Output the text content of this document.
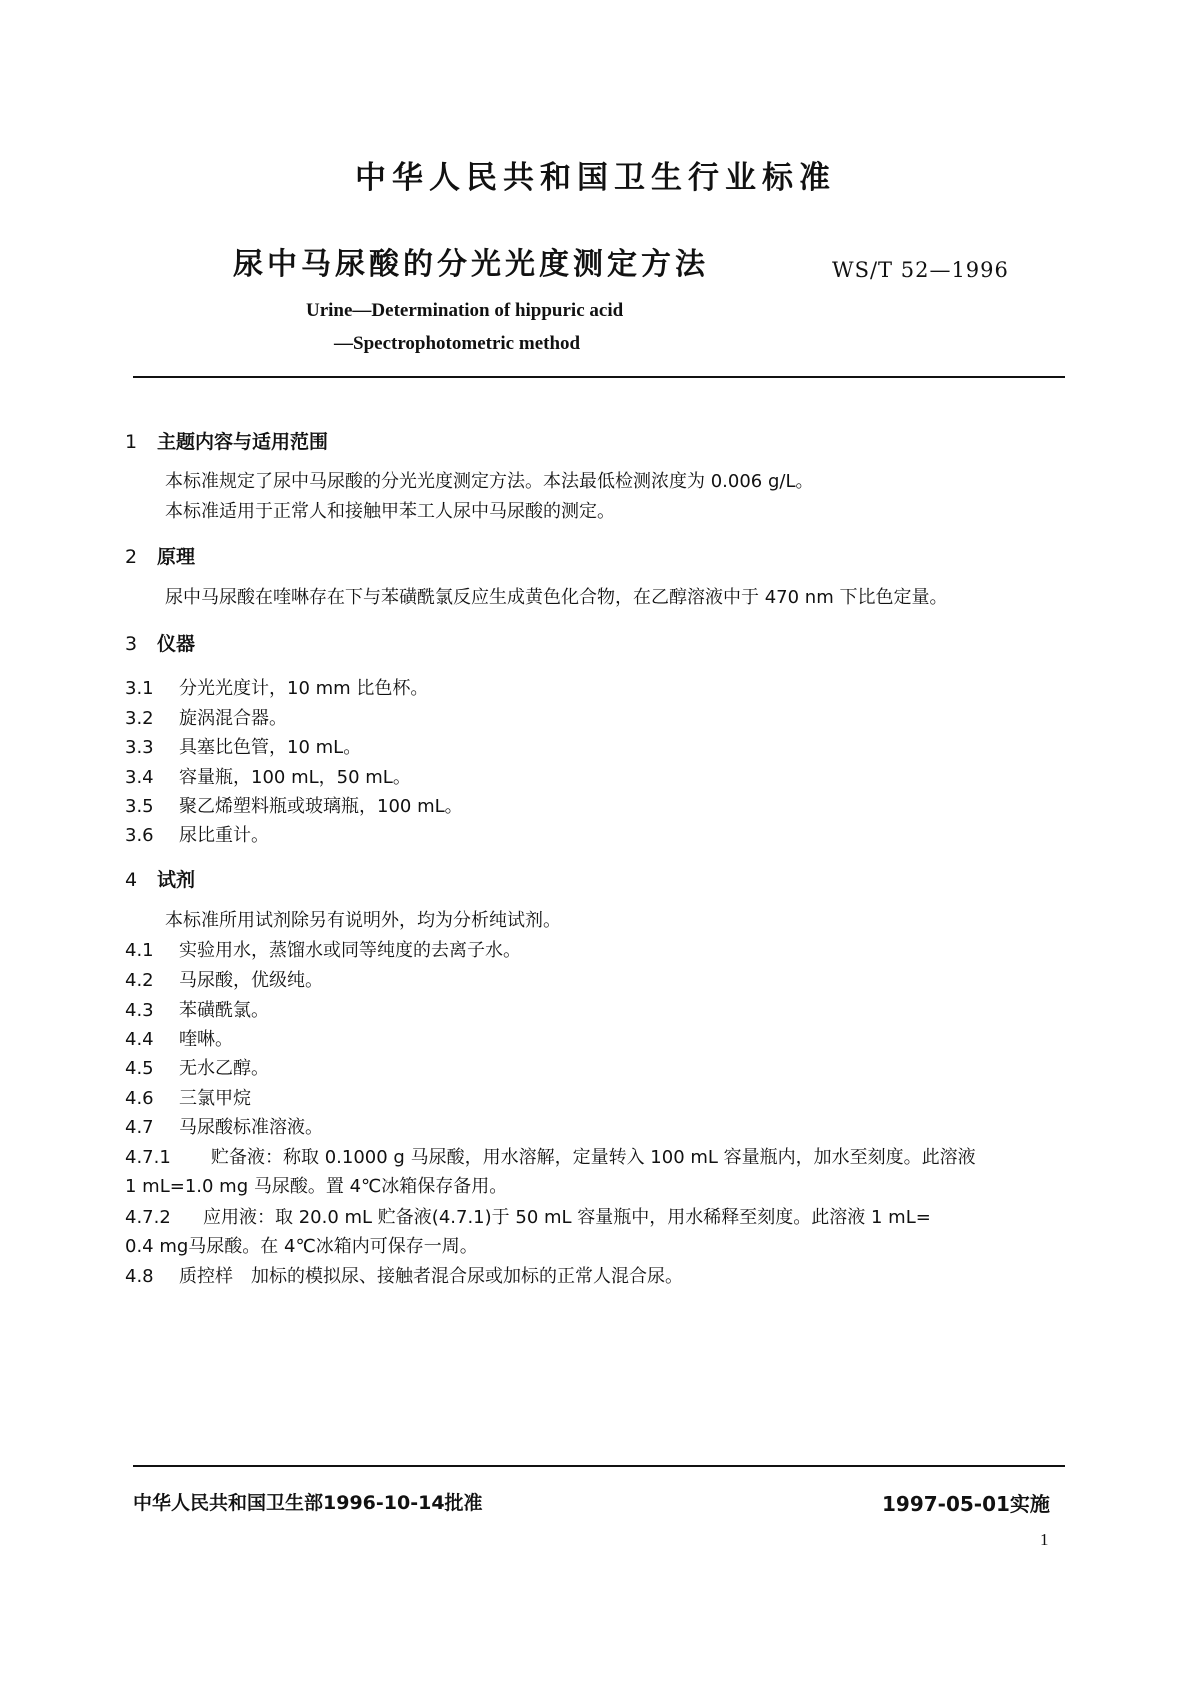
中华人民共和国卫生行业标准
尿中马尿酸的分光光度测定方法	WS/T 52—1996
Urine—Determination of hippuric acid
—Spectrophotometric method
1 主题内容与适用范围
本标准规定了尿中马尿酸的分光光度测定方法。本法最低检测浓度为 0.006 g/L。
本标准适用于正常人和接触甲苯工人尿中马尿酸的测定。
2 原理
尿中马尿酸在喹啉存在下与苯磺酰氯反应生成黄色化合物，在乙醇溶液中于 470 nm 下比色定量。
3 仪器
3.1 分光光度计，10 mm 比色杯。
3.2 旋涡混合器。
3.3 具塞比色管，10 mL。
3.4 容量瓶，100 mL，50 mL。
3.5 聚乙烯塑料瓶或玻璃瓶，100 mL。
3.6 尿比重计。
4 试剂
本标准所用试剂除另有说明外，均为分析纯试剂。
4.1 实验用水，蒸馏水或同等纯度的去离子水。
4.2 马尿酸，优级纯。
4.3 苯磺酰氯。
4.4 喹啉。
4.5 无水乙醇。
4.6 三氯甲烷
4.7 马尿酸标准溶液。
4.7.1 贮备液：称取 0.1000 g 马尿酸，用水溶解，定量转入 100 mL 容量瓶内，加水至刻度。此溶液
1 mL=1.0 mg 马尿酸。置 4℃冰箱保存备用。
4.7.2 应用液：取 20.0 mL 贮备液(4.7.1)于 50 mL 容量瓶中，用水稀释至刻度。此溶液 1 mL=
0.4 mg马尿酸。在 4℃冰箱内可保存一周。
4.8 质控样　加标的模拟尿、接触者混合尿或加标的正常人混合尿。
中华人民共和国卫生部1996-10-14批准	1997-05-01实施
1
